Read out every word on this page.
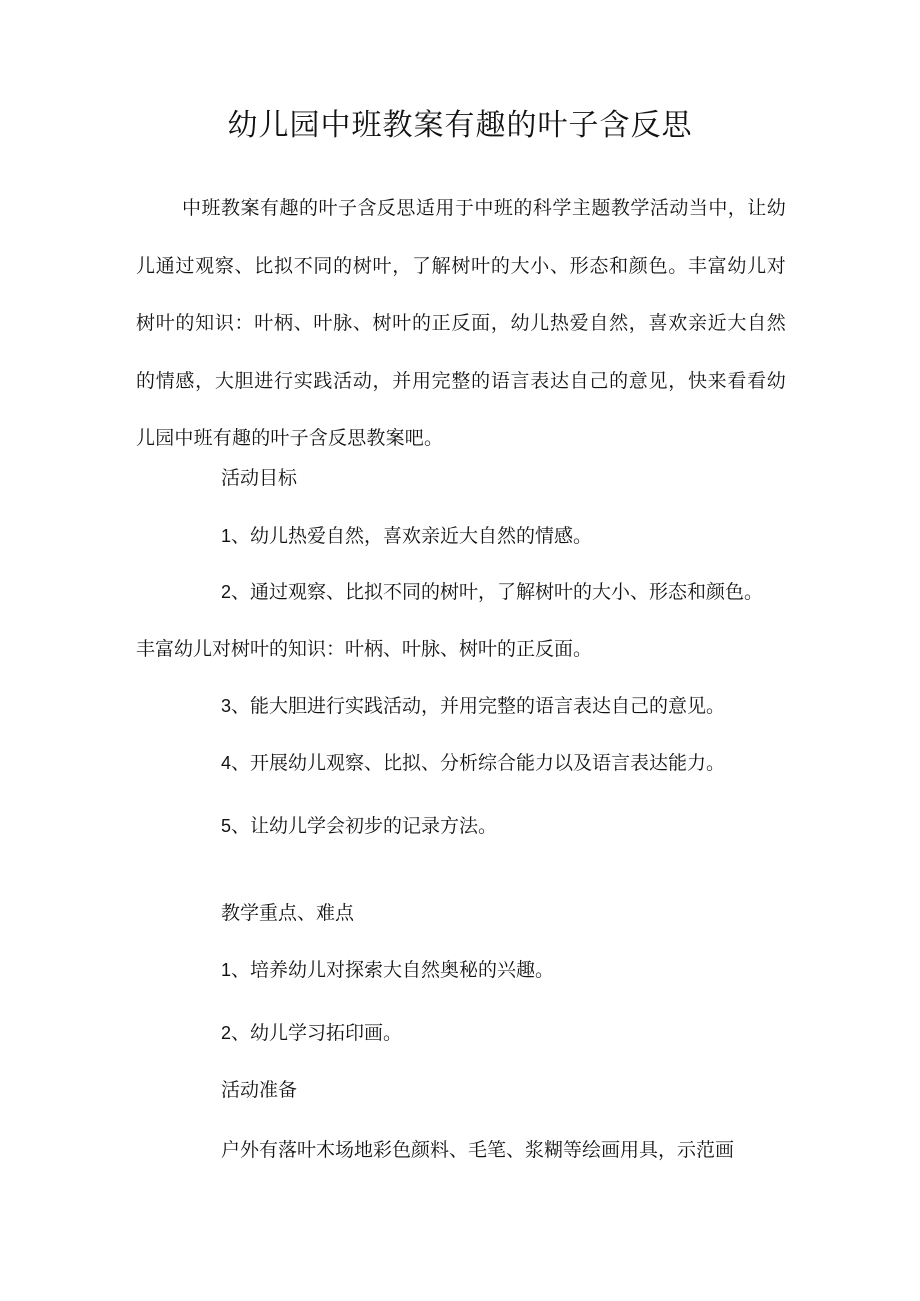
幼儿园中班教案有趣的叶子含反思

中班教案有趣的叶子含反思适用于中班的科学主题教学活动当中，让幼儿通过观察、比拟不同的树叶，了解树叶的大小、形态和颜色。丰富幼儿对树叶的知识：叶柄、叶脉、树叶的正反面，幼儿热爱自然，喜欢亲近大自然的情感，大胆进行实践活动，并用完整的语言表达自己的意见，快来看看幼儿园中班有趣的叶子含反思教案吧。

活动目标

1、幼儿热爱自然，喜欢亲近大自然的情感。

2、通过观察、比拟不同的树叶，了解树叶的大小、形态和颜色。

丰富幼儿对树叶的知识：叶柄、叶脉、树叶的正反面。

3、能大胆进行实践活动，并用完整的语言表达自己的意见。

4、开展幼儿观察、比拟、分析综合能力以及语言表达能力。

5、让幼儿学会初步的记录方法。

教学重点、难点

1、培养幼儿对探索大自然奥秘的兴趣。

2、幼儿学习拓印画。

活动准备

户外有落叶木场地彩色颜料、毛笔、浆糊等绘画用具，示范画
